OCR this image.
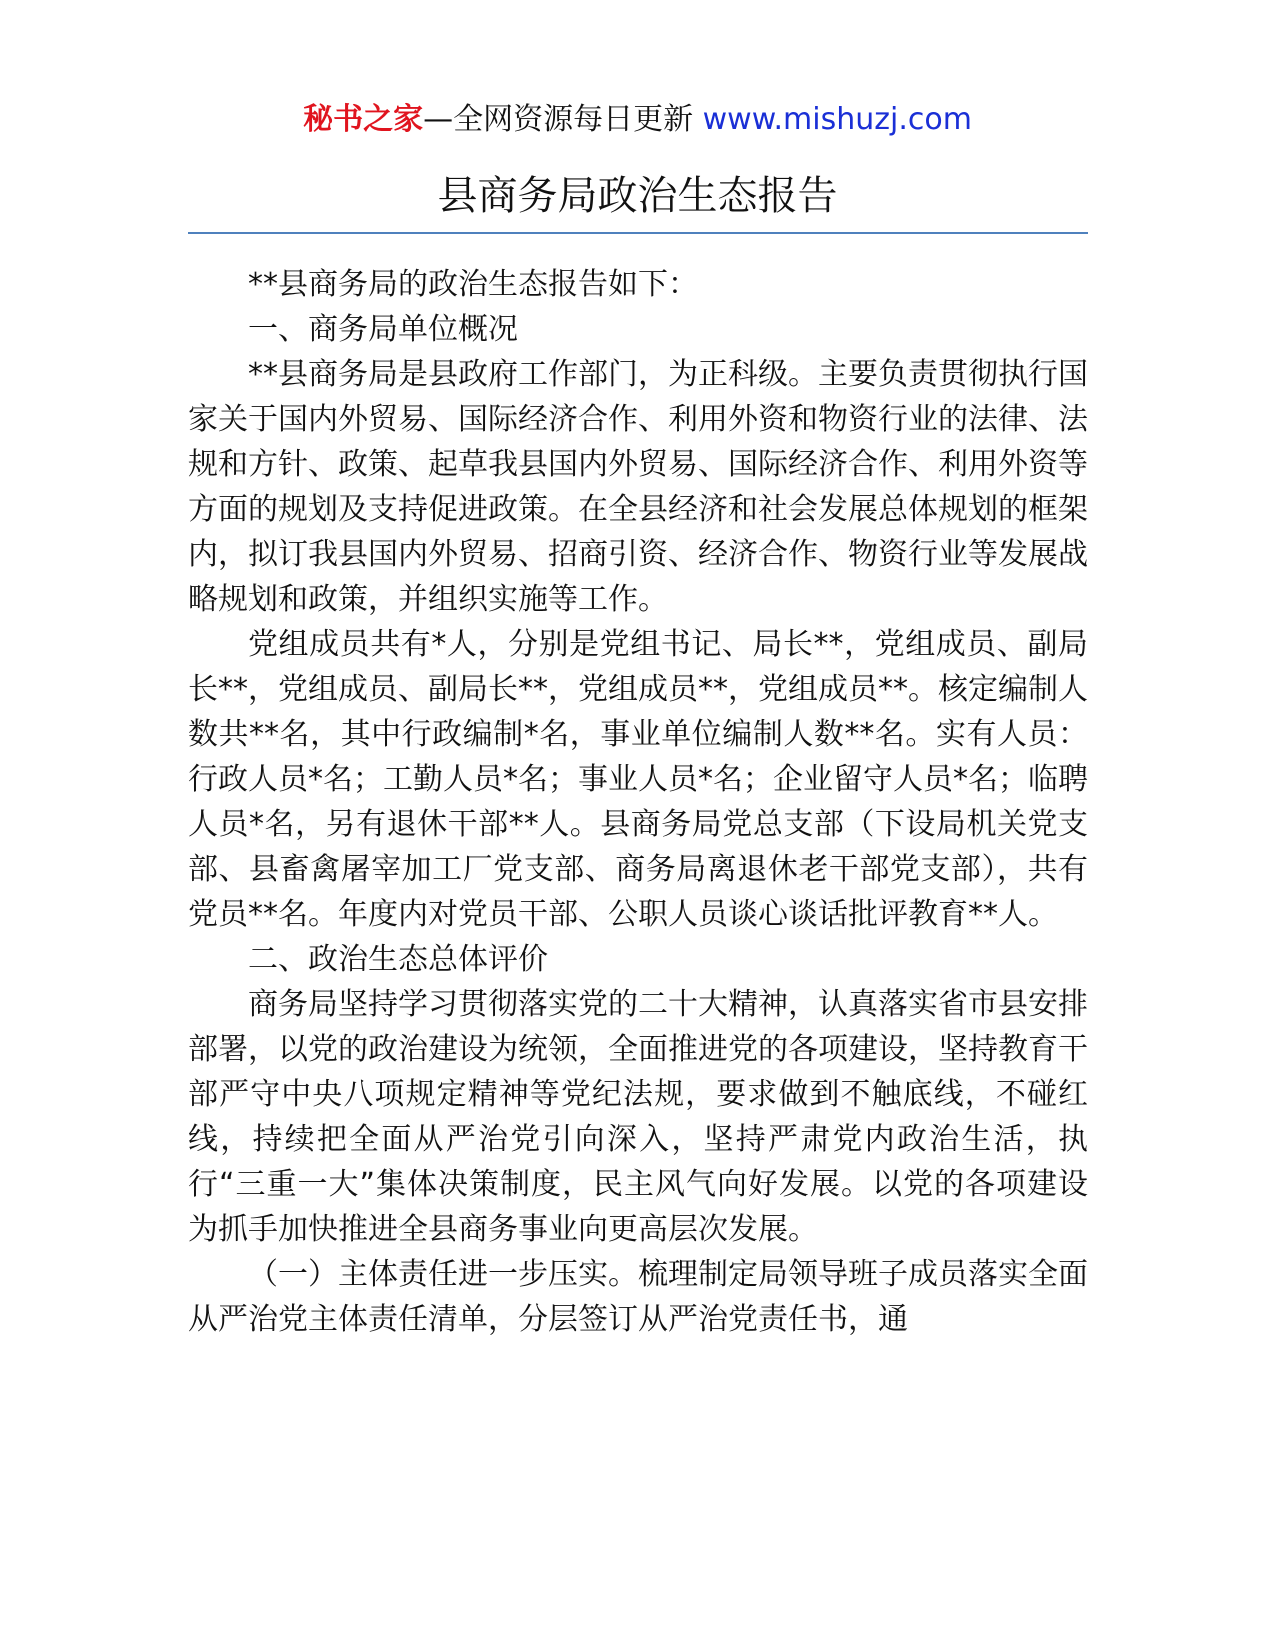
秘书之家—全网资源每日更新 www.mishuzj.com
县商务局政治生态报告

**县商务局的政治生态报告如下：

一、商务局单位概况

**县商务局是县政府工作部门，为正科级。主要负责贯彻执行国家关于国内外贸易、国际经济合作、利用外资和物资行业的法律、法规和方针、政策、起草我县国内外贸易、国际经济合作、利用外资等方面的规划及支持促进政策。在全县经济和社会发展总体规划的框架内，拟订我县国内外贸易、招商引资、经济合作、物资行业等发展战略规划和政策，并组织实施等工作。

党组成员共有*人，分别是党组书记、局长**，党组成员、副局长**，党组成员、副局长**，党组成员**，党组成员**。核定编制人数共**名，其中行政编制*名，事业单位编制人数**名。实有人员：行政人员*名；工勤人员*名；事业人员*名；企业留守人员*名；临聘人员*名，另有退休干部**人。县商务局党总支部（下设局机关党支部、县畜禽屠宰加工厂党支部、商务局离退休老干部党支部），共有党员**名。年度内对党员干部、公职人员谈心谈话批评教育**人。

二、政治生态总体评价

商务局坚持学习贯彻落实党的二十大精神，认真落实省市县安排部署，以党的政治建设为统领，全面推进党的各项建设，坚持教育干部严守中央八项规定精神等党纪法规，要求做到不触底线，不碰红线，持续把全面从严治党引向深入，坚持严肃党内政治生活，执行“三重一大”集体决策制度，民主风气向好发展。以党的各项建设为抓手加快推进全县商务事业向更高层次发展。

（一）主体责任进一步压实。梳理制定局领导班子成员落实全面从严治党主体责任清单，分层签订从严治党责任书，通
